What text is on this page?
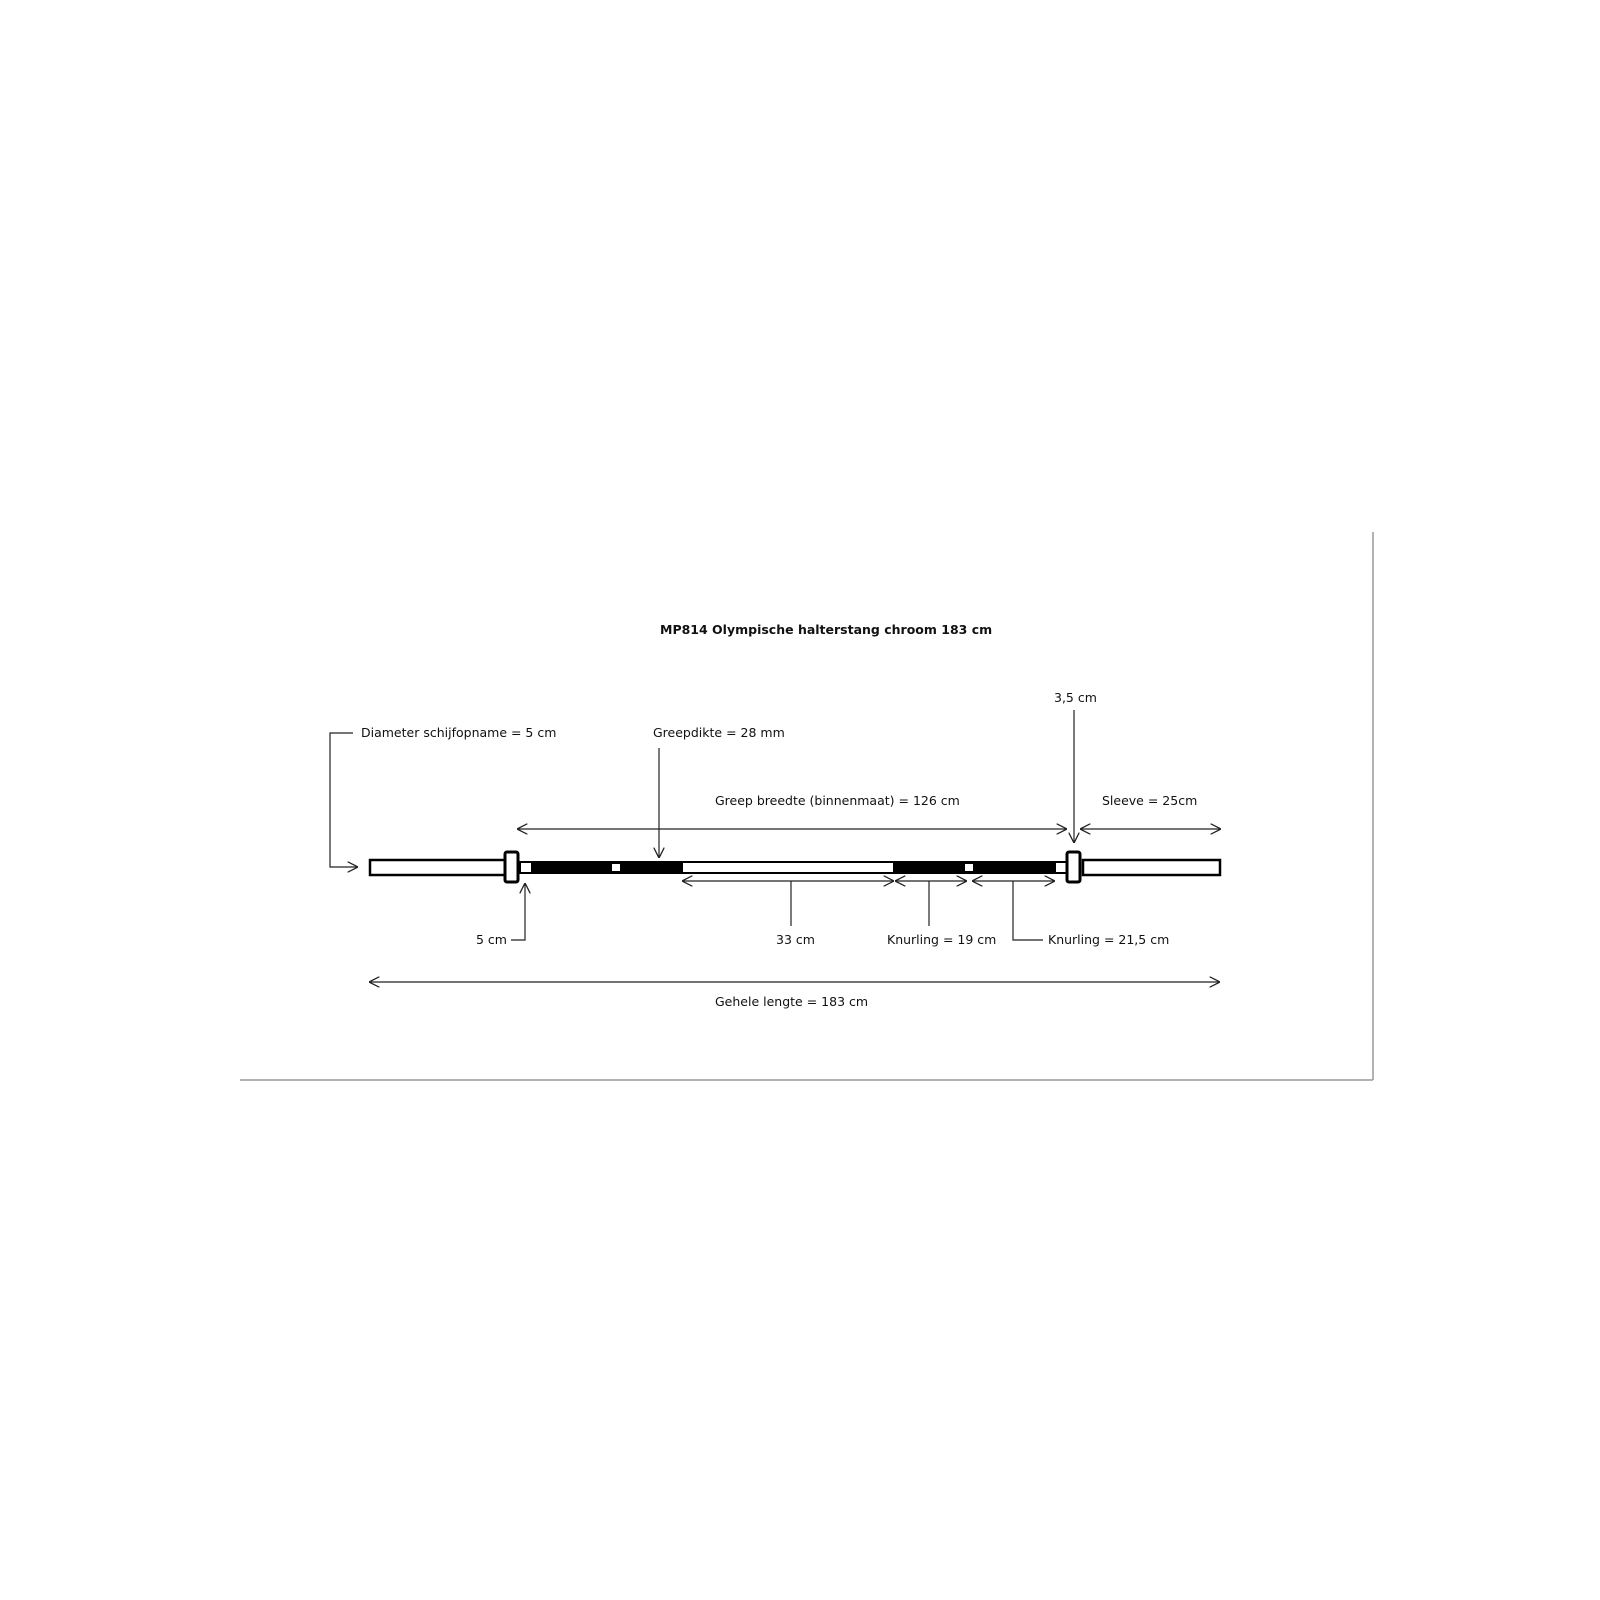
MP814 Olympische halterstang chroom 183 cm
Diameter schijfopname = 5 cm	Greepdikte = 28 mm
3,5 cm
Greep breedte (binnenmaat) = 126 cm	Sleeve = 25cm
5 cm	33 cm	Knurling = 19 cm	Knurling = 21,5 cm
Gehele lengte = 183 cm
